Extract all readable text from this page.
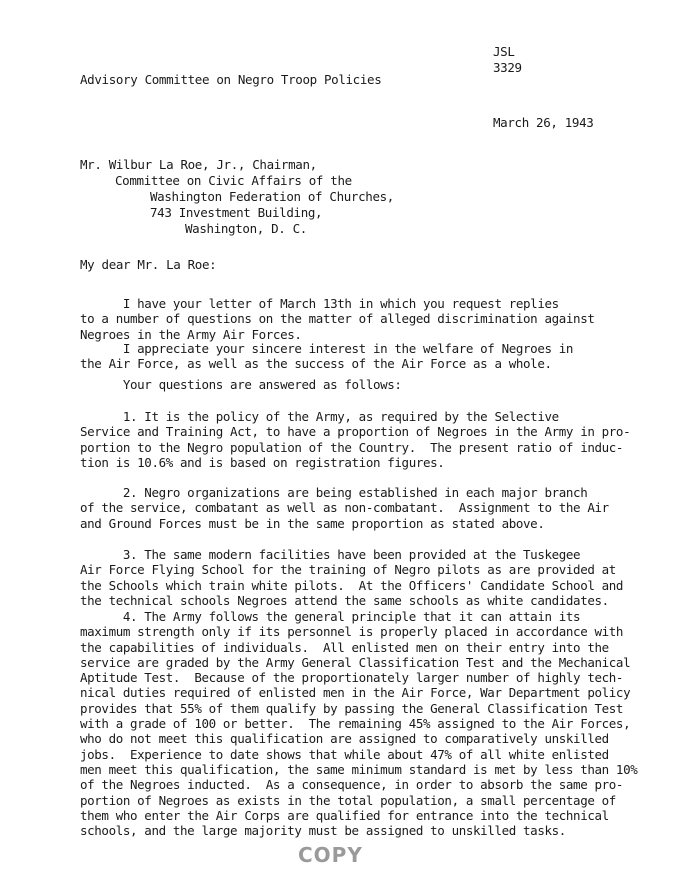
JSL
3329
Advisory Committee on Negro Troop Policies
March 26, 1943
Mr. Wilbur La Roe, Jr., Chairman,
Committee on Civic Affairs of the
Washington Federation of Churches,
743 Investment Building,
Washington, D. C.
My dear Mr. La Roe:
I have your letter of March 13th in which you request replies
to a number of questions on the matter of alleged discrimination against
Negroes in the Army Air Forces.
I appreciate your sincere interest in the welfare of Negroes in
the Air Force, as well as the success of the Air Force as a whole.
Your questions are answered as follows:
1. It is the policy of the Army, as required by the Selective
Service and Training Act, to have a proportion of Negroes in the Army in pro-
portion to the Negro population of the Country.  The present ratio of induc-
tion is 10.6% and is based on registration figures.
2. Negro organizations are being established in each major branch
of the service, combatant as well as non-combatant.  Assignment to the Air
and Ground Forces must be in the same proportion as stated above.
3. The same modern facilities have been provided at the Tuskegee
Air Force Flying School for the training of Negro pilots as are provided at
the Schools which train white pilots.  At the Officers' Candidate School and
the technical schools Negroes attend the same schools as white candidates.
4. The Army follows the general principle that it can attain its
maximum strength only if its personnel is properly placed in accordance with
the capabilities of individuals.  All enlisted men on their entry into the
service are graded by the Army General Classification Test and the Mechanical
Aptitude Test.  Because of the proportionately larger number of highly tech-
nical duties required of enlisted men in the Air Force, War Department policy
provides that 55% of them qualify by passing the General Classification Test
with a grade of 100 or better.  The remaining 45% assigned to the Air Forces,
who do not meet this qualification are assigned to comparatively unskilled
jobs.  Experience to date shows that while about 47% of all white enlisted
men meet this qualification, the same minimum standard is met by less than 10%
of the Negroes inducted.  As a consequence, in order to absorb the same pro-
portion of Negroes as exists in the total population, a small percentage of
them who enter the Air Corps are qualified for entrance into the technical
schools, and the large majority must be assigned to unskilled tasks.
COPY
